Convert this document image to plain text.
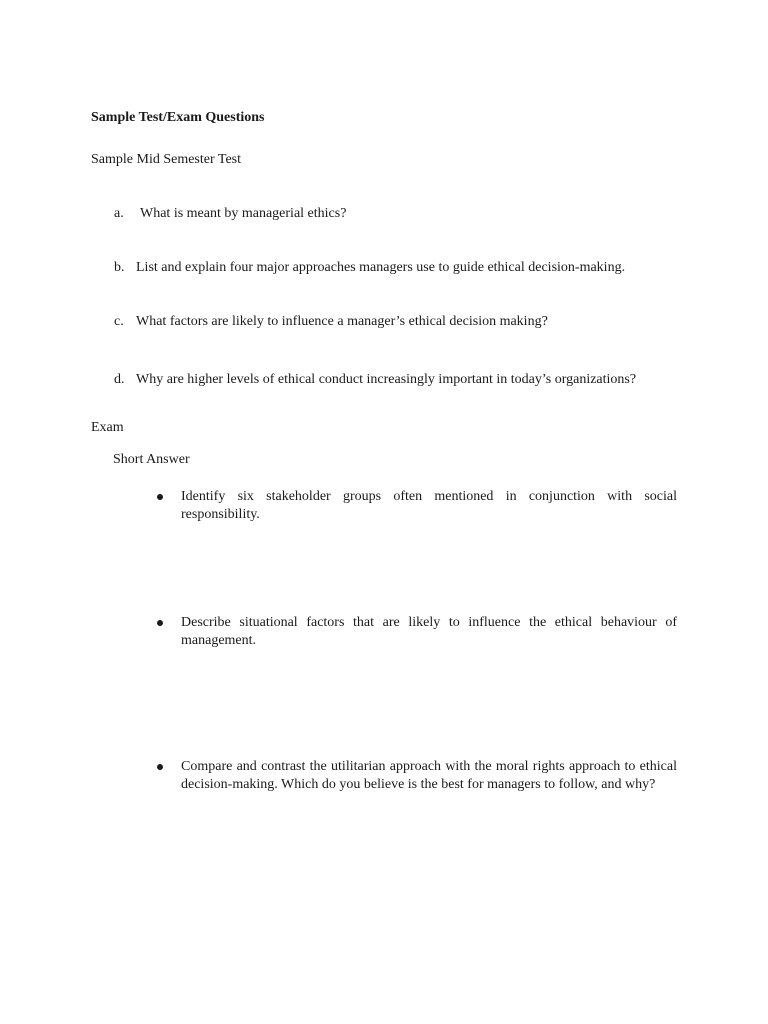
Sample Test/Exam Questions
Sample Mid Semester Test
a. What is meant by managerial ethics?
b. List and explain four major approaches managers use to guide ethical decision-making.
c. What factors are likely to influence a manager’s ethical decision making?
d. Why are higher levels of ethical conduct increasingly important in today’s organizations?
Exam
Short Answer
Identify six stakeholder groups often mentioned in conjunction with social responsibility.
Describe situational factors that are likely to influence the ethical behaviour of management.
Compare and contrast the utilitarian approach with the moral rights approach to ethical decision-making. Which do you believe is the best for managers to follow, and why?
